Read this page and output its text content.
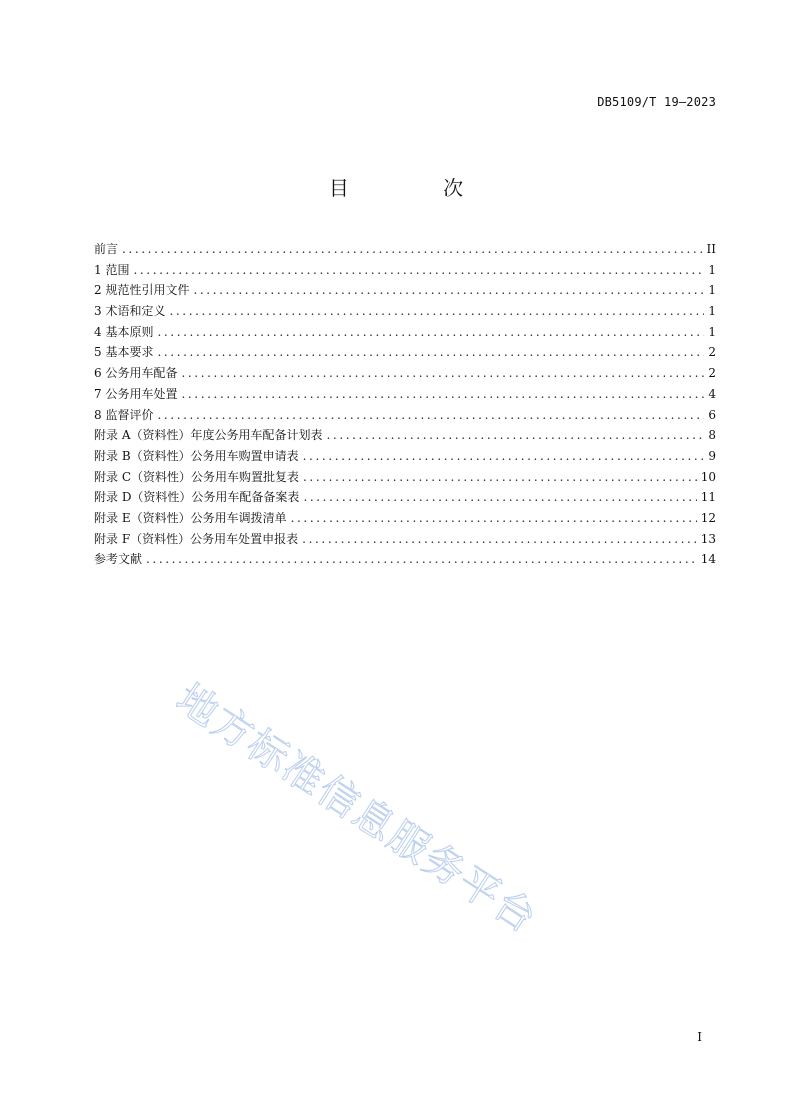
DB5109/T 19—2023
目 次
前言 .....	II
1 范围 .....	1
2 规范性引用文件 .....	1
3 术语和定义 .....	1
4 基本原则 .....	1
5 基本要求 .....	2
6 公务用车配备 .....	2
7 公务用车处置 .....	4
8 监督评价 .....	6
附录 A（资料性）年度公务用车配备计划表 .....	8
附录 B（资料性）公务用车购置申请表 .....	9
附录 C（资料性）公务用车购置批复表 .....	10
附录 D（资料性）公务用车配备备案表 .....	11
附录 E（资料性）公务用车调拨清单 .....	12
附录 F（资料性）公务用车处置申报表 .....	13
参考文献 .....	14
地方标准信息服务平台
I
